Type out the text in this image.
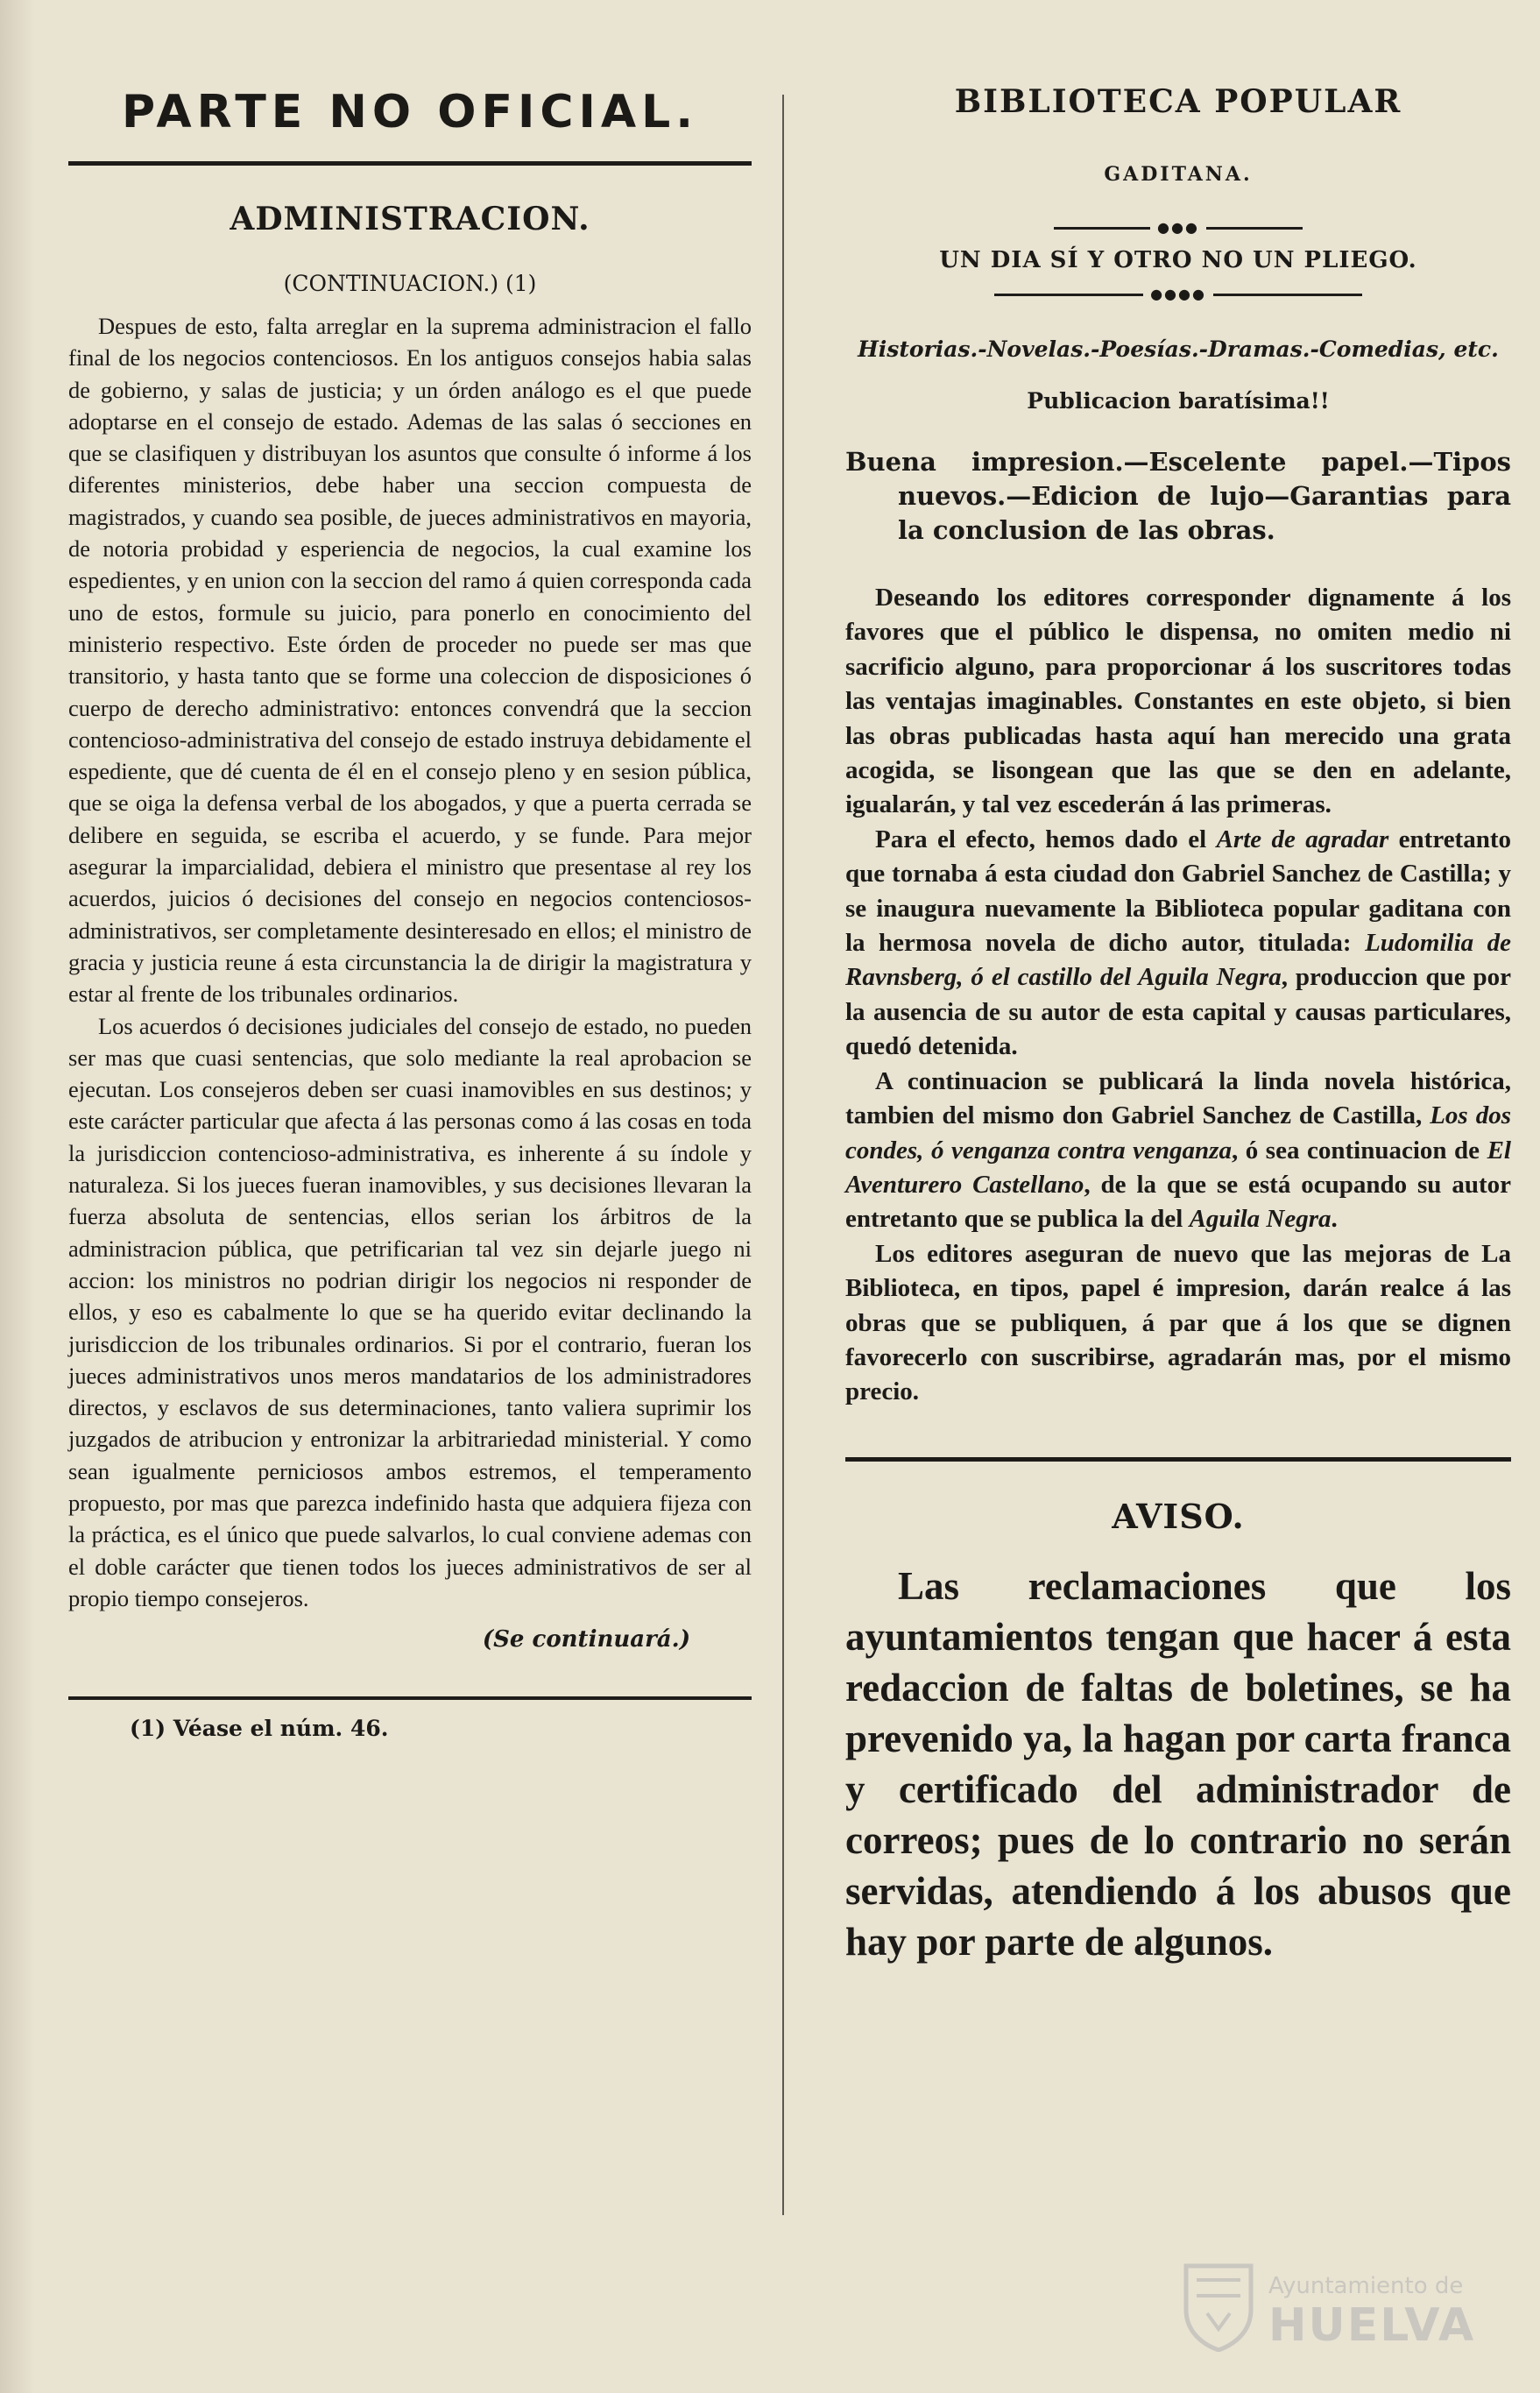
PARTE NO OFICIAL.
ADMINISTRACION.
(CONTINUACION.) (1)

Despues de esto, falta arreglar en la suprema administracion el fallo final de los negocios contenciosos. En los antiguos consejos habia salas de gobierno, y salas de justicia; y un órden análogo es el que puede adoptarse en el consejo de estado. Ademas de las salas ó secciones en que se clasifiquen y distribuyan los asuntos que consulte ó informe á los diferentes ministerios, debe haber una seccion compuesta de magistrados, y cuando sea posible, de jueces administrativos en mayoria, de notoria probidad y esperiencia de negocios, la cual examine los espedientes, y en union con la seccion del ramo á quien corresponda cada uno de estos, formule su juicio, para ponerlo en conocimiento del ministerio respectivo. Este órden de proceder no puede ser mas que transitorio, y hasta tanto que se forme una coleccion de disposiciones ó cuerpo de derecho administrativo: entonces convendrá que la seccion contencioso-administrativa del consejo de estado instruya debidamente el espediente, que dé cuenta de él en el consejo pleno y en sesion pública, que se oiga la defensa verbal de los abogados, y que a puerta cerrada se delibere en seguida, se escriba el acuerdo, y se funde. Para mejor asegurar la imparcialidad, debiera el ministro que presentase al rey los acuerdos, juicios ó decisiones del consejo en negocios contenciosos-administrativos, ser completamente desinteresado en ellos; el ministro de gracia y justicia reune á esta circunstancia la de dirigir la magistratura y estar al frente de los tribunales ordinarios.

Los acuerdos ó decisiones judiciales del consejo de estado, no pueden ser mas que cuasi sentencias, que solo mediante la real aprobacion se ejecutan. Los consejeros deben ser cuasi inamovibles en sus destinos; y este carácter particular que afecta á las personas como á las cosas en toda la jurisdiccion contencioso-administrativa, es inherente á su índole y naturaleza. Si los jueces fueran inamovibles, y sus decisiones llevaran la fuerza absoluta de sentencias, ellos serian los árbitros de la administracion pública, que petrificarian tal vez sin dejarle juego ni accion: los ministros no podrian dirigir los negocios ni responder de ellos, y eso es cabalmente lo que se ha querido evitar declinando la jurisdiccion de los tribunales ordinarios. Si por el contrario, fueran los jueces administrativos unos meros mandatarios de los administradores directos, y esclavos de sus determinaciones, tanto valiera suprimir los juzgados de atribucion y entronizar la arbitrariedad ministerial. Y como sean igualmente perniciosos ambos estremos, el temperamento propuesto, por mas que parezca indefinido hasta que adquiera fijeza con la práctica, es el único que puede salvarlos, lo cual conviene ademas con el doble carácter que tienen todos los jueces administrativos de ser al propio tiempo consejeros.

(Se continuará.)
(1) Véase el núm. 46.
BIBLIOTECA POPULAR
GADITANA.
●●●
UN DIA SÍ Y OTRO NO UN PLIEGO.
●●●●
Historias.-Novelas.-Poesías.-Dramas.-Comedias, etc.
Publicacion baratísima!!
Buena impresion.—Escelente papel.—Tipos nuevos.—Edicion de lujo—Garantias para la conclusion de las obras.

Deseando los editores corresponder dignamente á los favores que el público le dispensa, no omiten medio ni sacrificio alguno, para proporcionar á los suscritores todas las ventajas imaginables. Constantes en este objeto, si bien las obras publicadas hasta aquí han merecido una grata acogida, se lisongean que las que se den en adelante, igualarán, y tal vez escederán á las primeras.

Para el efecto, hemos dado el Arte de agradar entretanto que tornaba á esta ciudad don Gabriel Sanchez de Castilla; y se inaugura nuevamente la Biblioteca popular gaditana con la hermosa novela de dicho autor, titulada: Ludomilia de Ravnsberg, ó el castillo del Aguila Negra, produccion que por la ausencia de su autor de esta capital y causas particulares, quedó detenida.

A continuacion se publicará la linda novela histórica, tambien del mismo don Gabriel Sanchez de Castilla, Los dos condes, ó venganza contra venganza, ó sea continuacion de El Aventurero Castellano, de la que se está ocupando su autor entretanto que se publica la del Aguila Negra.

Los editores aseguran de nuevo que las mejoras de La Biblioteca, en tipos, papel é impresion, darán realce á las obras que se publiquen, á par que á los que se dignen favorecerlo con suscribirse, agradarán mas, por el mismo precio.

AVISO.

Las reclamaciones que los ayuntamientos tengan que hacer á esta redaccion de faltas de boletines, se ha prevenido ya, la hagan por carta franca y certificado del administrador de correos; pues de lo contrario no serán servidas, atendiendo á los abusos que hay por parte de algunos.

Ayuntamiento de
HUELVA
